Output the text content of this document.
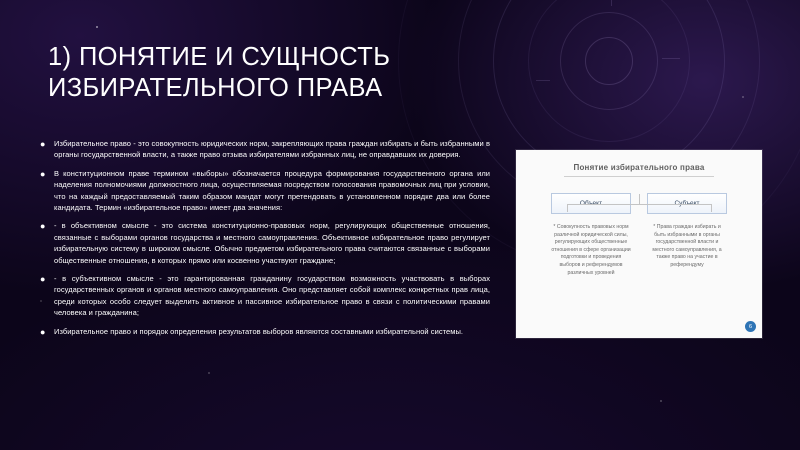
1) ПОНЯТИЕ И СУЩНОСТЬ ИЗБИРАТЕЛЬНОГО ПРАВА
●	Избирательное право - это совокупность юридических норм, закрепляющих права граждан избирать и быть избранными в органы государственной власти, а также право отзыва избирателями избранных лиц, не оправдавших их доверия.
●	В конституционном праве термином «выборы» обозначается процедура формирования государственного органа или наделения полномочиями должностного лица, осуществляемая посредством голосования правомочных лиц при условии, что на каждый предоставляемый таким образом мандат могут претендовать в установленном порядке два или более кандидата. Термин «избирательное право» имеет два значения:
●	- в объективном смысле - это система конституционно-правовых норм, регулирующих общественные отношения, связанные с выборами органов государства и местного самоуправления. Объективное избирательное право регулирует избирательную систему в широком смысле. Обычно предметом избирательного права считаются связанные с выборами общественные отношения, в которых прямо или косвенно участвуют граждане;
●	- в субъективном смысле - это гарантированная гражданину государством возможность участвовать в выборах государственных органов и органов местного самоуправления. Оно представляет собой комплекс конкретных прав лица, среди которых особо следует выделить активное и пассивное избирательное право в связи с политическими правами человека и гражданина;
●	Избирательное право и порядок определения результатов выборов являются составными избирательной системы.
Понятие избирательного права
* Совокупность правовых норм различной юридической силы, регулирующих общественные отношения в сфере организации подготовки и проведения выборов и референдумов различных уровней
* Права граждан избирать и быть избранными в органы государственной власти и местного самоуправления, а также право на участие в референдуму
6
